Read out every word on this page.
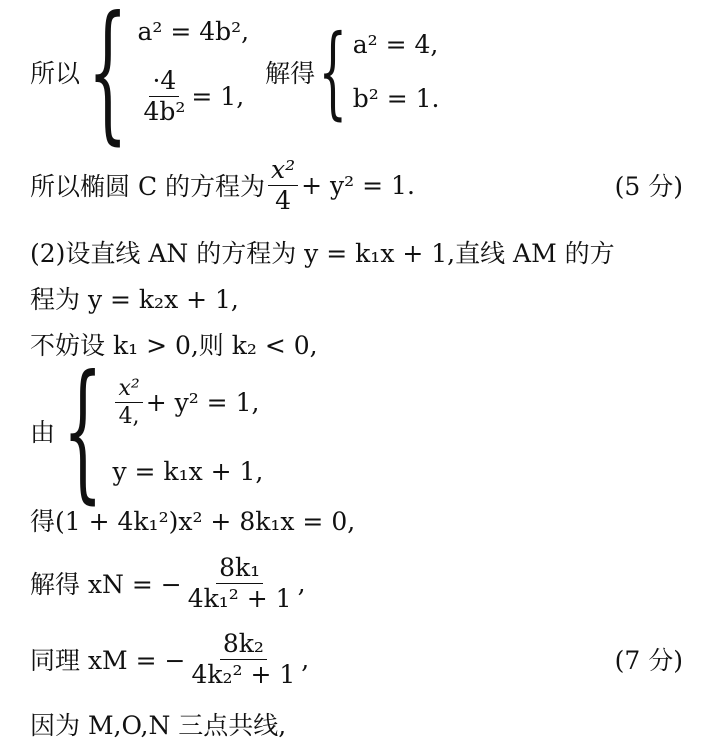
所以 { a² = 4b²,
$\frac{\cdot 4}{\text{4b²}} = 1$,
解得 { a² = 4,
b² = 1.
所以椭圆 C 的方程为 $\frac{\text{x²}}{4} + y^2 = 1$.	(5 分)
(2)设直线 AN 的方程为 y = k₁x + 1,直线 AM 的方
程为 y = k₂x + 1,
不妨设 k₁ > 0,则 k₂ < 0,
由 { $\frac{\text{x²}}{4,} + y^2 = 1$,
y = k₁x + 1,
得(1 + 4k₁²)x² + 8k₁x = 0,
解得 xN = − $\frac{\text{8k₁}}{\text{4k₁² + 1}}$ ,
同理 xM = − $\frac{\text{8k₂}}{\text{4k₂² + 1}}$ ,	(7 分)
因为 M,O,N 三点共线,
